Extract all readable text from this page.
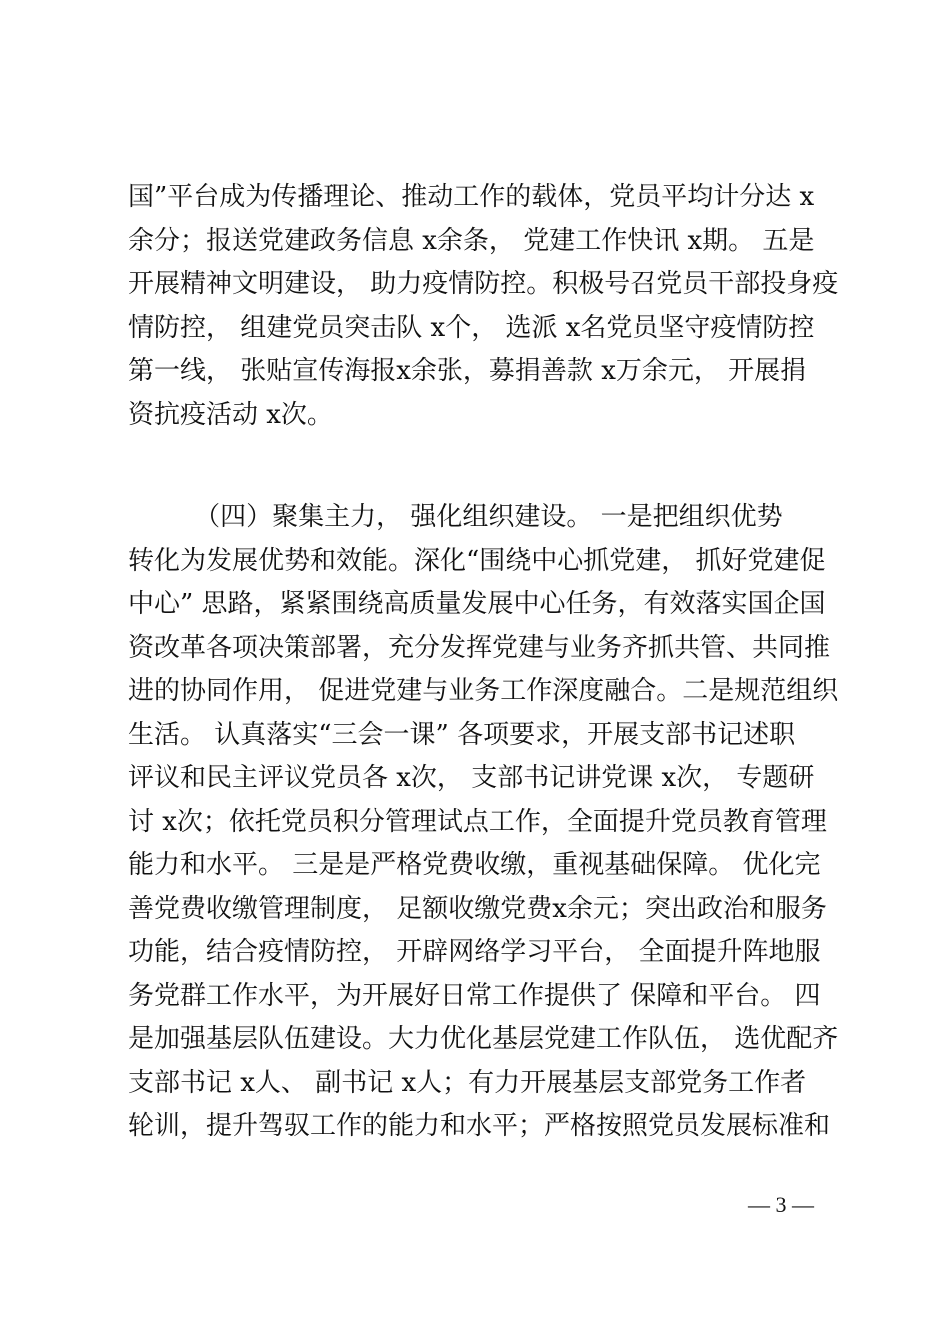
国”平台成为传播理论、推动工作的载体，党员平均计分达 x
余分；报送党建政务信息 x余条， 党建工作快讯 x期。 五是
开展精神文明建设， 助力疫情防控。积极号召党员干部投身疫
情防控， 组建党员突击队 x个， 选派 x名党员坚守疫情防控
第一线， 张贴宣传海报x余张，募捐善款 x万余元， 开展捐
资抗疫活动 x次。

（四）聚集主力， 强化组织建设。 一是把组织优势
转化为发展优势和效能。深化“围绕中心抓党建， 抓好党建促
中心” 思路，紧紧围绕高质量发展中心任务，有效落实国企国
资改革各项决策部署，充分发挥党建与业务齐抓共管、共同推
进的协同作用， 促进党建与业务工作深度融合。二是规范组织
生活。 认真落实“三会一课” 各项要求，开展支部书记述职
评议和民主评议党员各 x次， 支部书记讲党课 x次， 专题研
讨 x次；依托党员积分管理试点工作，全面提升党员教育管理
能力和水平。 三是是严格党费收缴，重视基础保障。 优化完
善党费收缴管理制度， 足额收缴党费x余元；突出政治和服务
功能，结合疫情防控， 开辟网络学习平台， 全面提升阵地服
务党群工作水平，为开展好日常工作提供了 保障和平台。 四
是加强基层队伍建设。大力优化基层党建工作队伍， 选优配齐
支部书记 x人、 副书记 x人；有力开展基层支部党务工作者
轮训，提升驾驭工作的能力和水平；严格按照党员发展标准和

— 3 —
